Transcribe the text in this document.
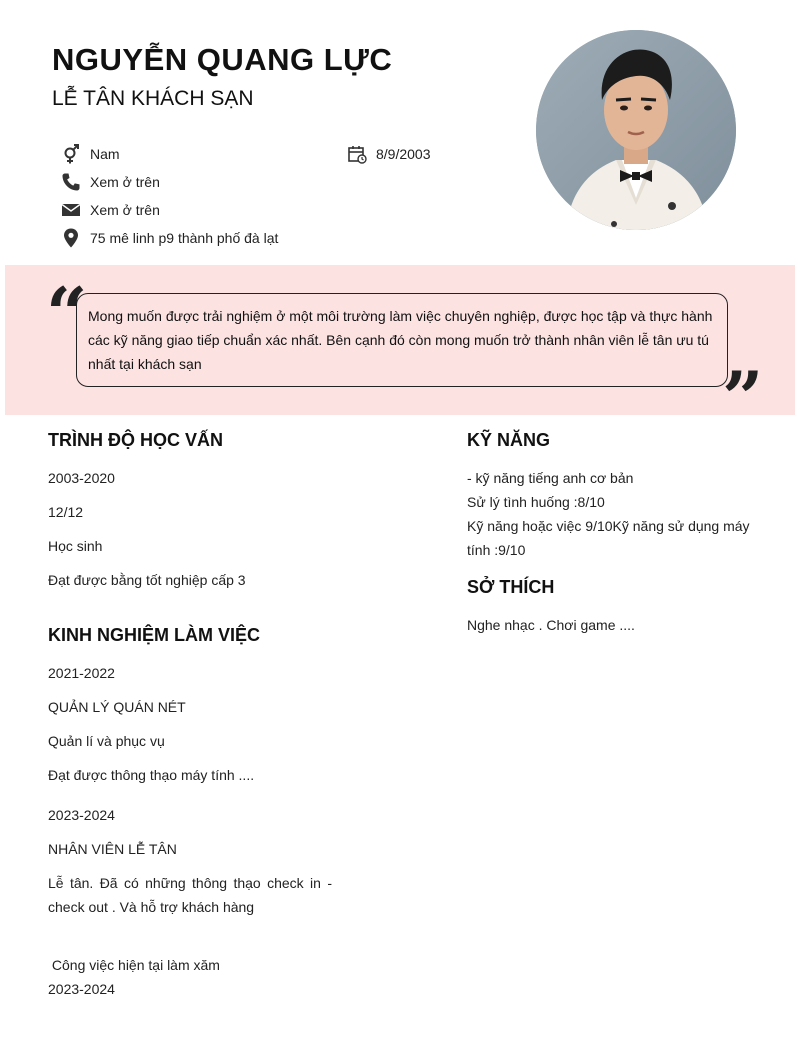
NGUYỄN QUANG LỰC
LỄ TÂN KHÁCH SẠN
Nam	8/9/2003
Xem ở trên
Xem ở trên
75 mê linh p9 thành phố đà lạt
“ Mong muốn được trải nghiệm ở một môi trường làm việc chuyên nghiệp, được học tập và thực hành các kỹ năng giao tiếp chuẩn xác nhất. Bên cạnh đó còn mong muốn trở thành nhân viên lễ tân ưu tú nhất tại khách sạn	”
TRÌNH ĐỘ HỌC VẤN
2003-2020
12/12
Học sinh
Đạt được bằng tốt nghiệp cấp 3
KINH NGHIỆM LÀM VIỆC
2021-2022
QUẢN LÝ QUÁN NÉT
Quản lí và phục vụ
Đạt được thông thạo máy tính ....
2023-2024
NHÂN VIÊN LỄ TÂN
Lễ tân. Đã có những thông thạo check in - check out . Và hỗ trợ khách hàng
Công việc hiện tại làm xăm
2023-2024
KỸ NĂNG
- kỹ năng tiếng anh cơ bản
Sử lý tình huống :8/10
Kỹ năng hoặc việc 9/10Kỹ năng sử dụng máy tính :9/10
SỞ THÍCH
Nghe nhạc . Chơi game ....
